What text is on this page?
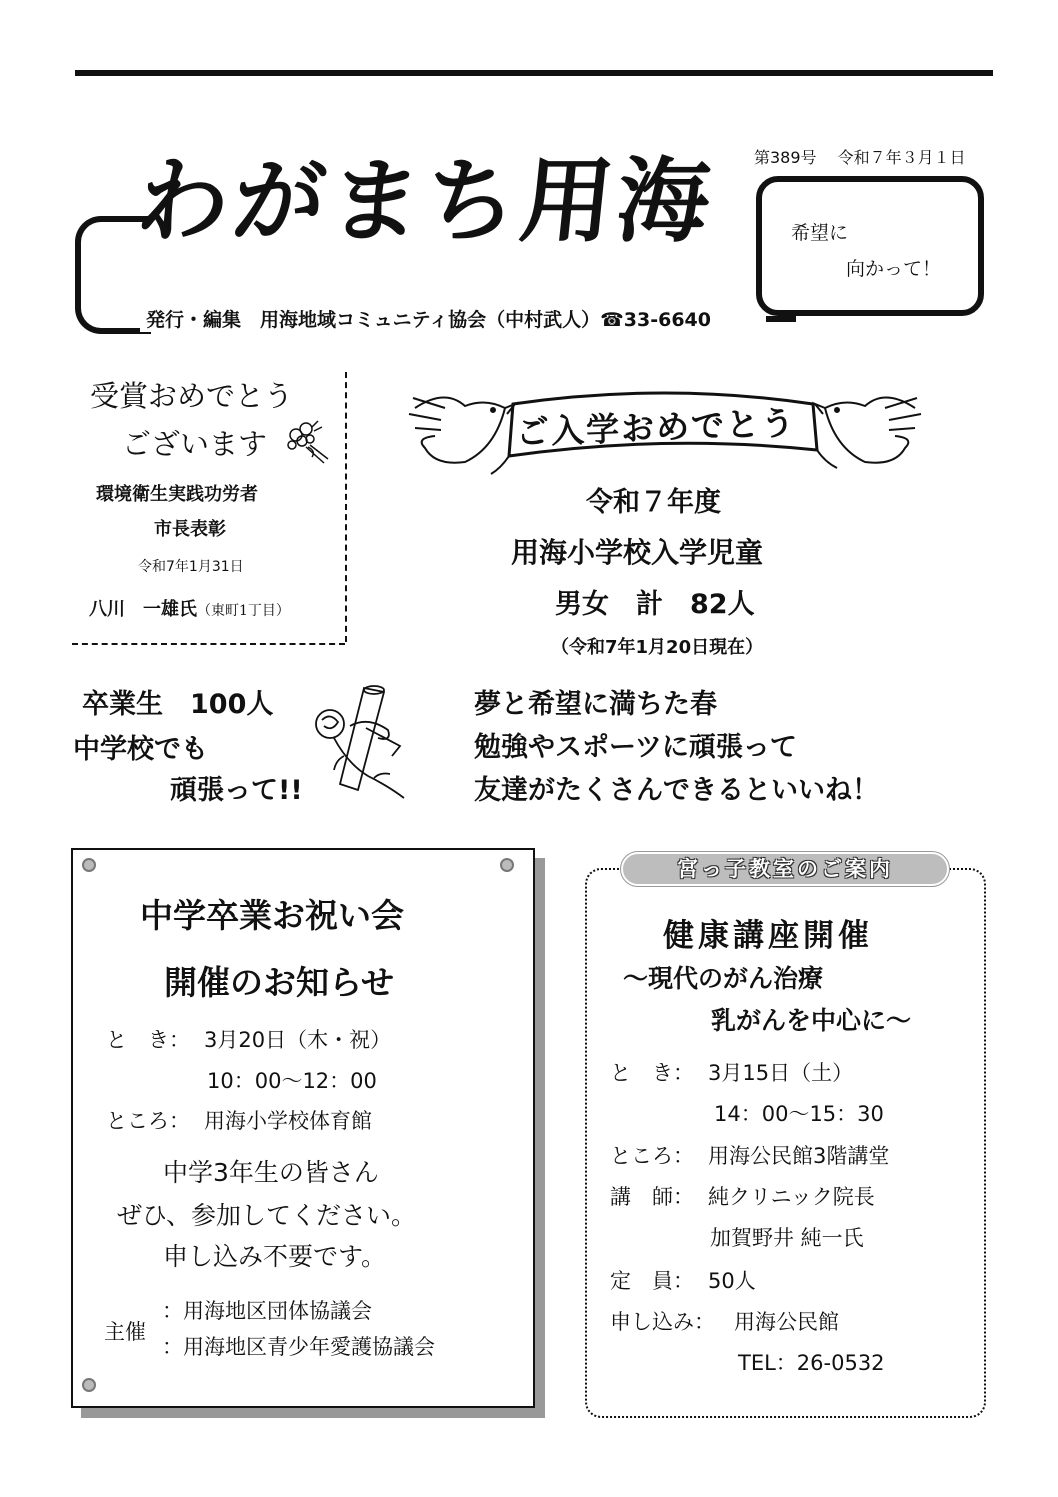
わがまち用海
発行・編集　用海地域コミュニティ協会（中村武人）☎33-6640
第389号　 令和７年３月１日
希望に
向かって！
受賞おめでとう
ございます
環境衛生実践功労者
市長表彰
令和7年1月31日
八川　一雄氏（東町1丁目）
ご入学おめでとう
令和７年度
用海小学校入学児童
男女　計　82人
（令和7年1月20日現在）
卒業生　100人
中学校でも
頑張って!!
夢と希望に満ちた春
勉強やスポーツに頑張って
友達がたくさんできるといいね！
中学卒業お祝い会
開催のお知らせ
と　き： 3月20日（木・祝）
10：00〜12：00
ところ： 用海小学校体育館
中学3年生の皆さん
ぜひ、参加してください。
申し込み不要です。
主催
：用海地区団体協議会
：用海地区青少年愛護協議会
宮っ子教室のご案内
健康講座開催
〜現代のがん治療
乳がんを中心に〜
と　き： 3月15日（土）
14：00〜15：30
ところ： 用海公民館3階講堂
講　師： 純クリニック院長
加賀野井 純一氏
定　員： 50人
申し込み： 用海公民館
TEL：26-0532
